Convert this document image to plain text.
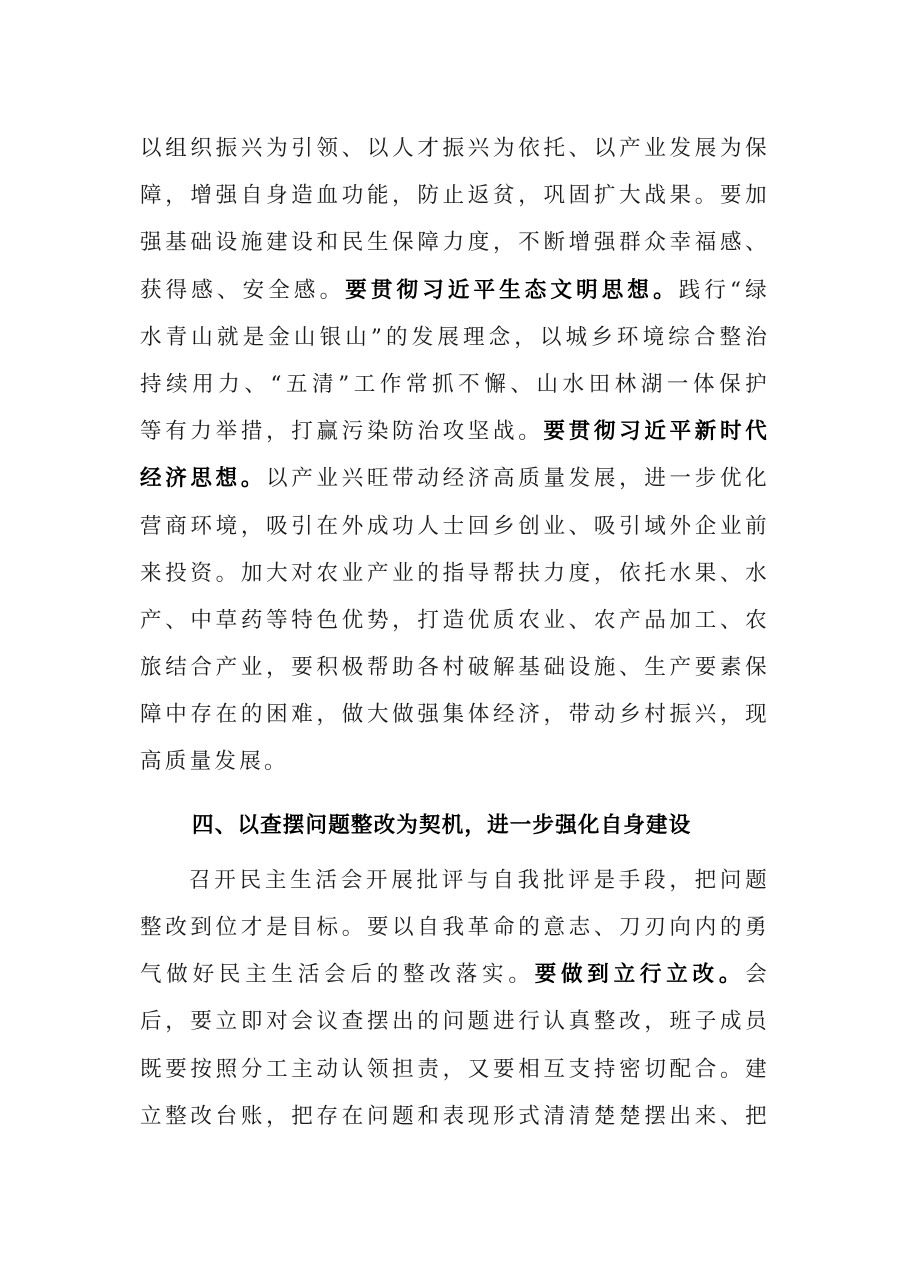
以组织振兴为引领、以人才振兴为依托、以产业发展为保
障，增强自身造血功能，防止返贫，巩固扩大战果。要加
强基础设施建设和民生保障力度，不断增强群众幸福感、
获得感、安全感。要贯彻习近平生态文明思想。践行“绿
水青山就是金山银山”的发展理念，以城乡环境综合整治
持续用力、“五清”工作常抓不懈、山水田林湖一体保护
等有力举措，打赢污染防治攻坚战。要贯彻习近平新时代
经济思想。以产业兴旺带动经济高质量发展，进一步优化
营商环境，吸引在外成功人士回乡创业、吸引域外企业前
来投资。加大对农业产业的指导帮扶力度，依托水果、水
产、中草药等特色优势，打造优质农业、农产品加工、农
旅结合产业，要积极帮助各村破解基础设施、生产要素保
障中存在的困难，做大做强集体经济，带动乡村振兴，现
高质量发展。
四、以查摆问题整改为契机，进一步强化自身建设
召开民主生活会开展批评与自我批评是手段，把问题
整改到位才是目标。要以自我革命的意志、刀刃向内的勇
气做好民主生活会后的整改落实。要做到立行立改。会
后，要立即对会议查摆出的问题进行认真整改，班子成员
既要按照分工主动认领担责，又要相互支持密切配合。建
立整改台账，把存在问题和表现形式清清楚楚摆出来、把
